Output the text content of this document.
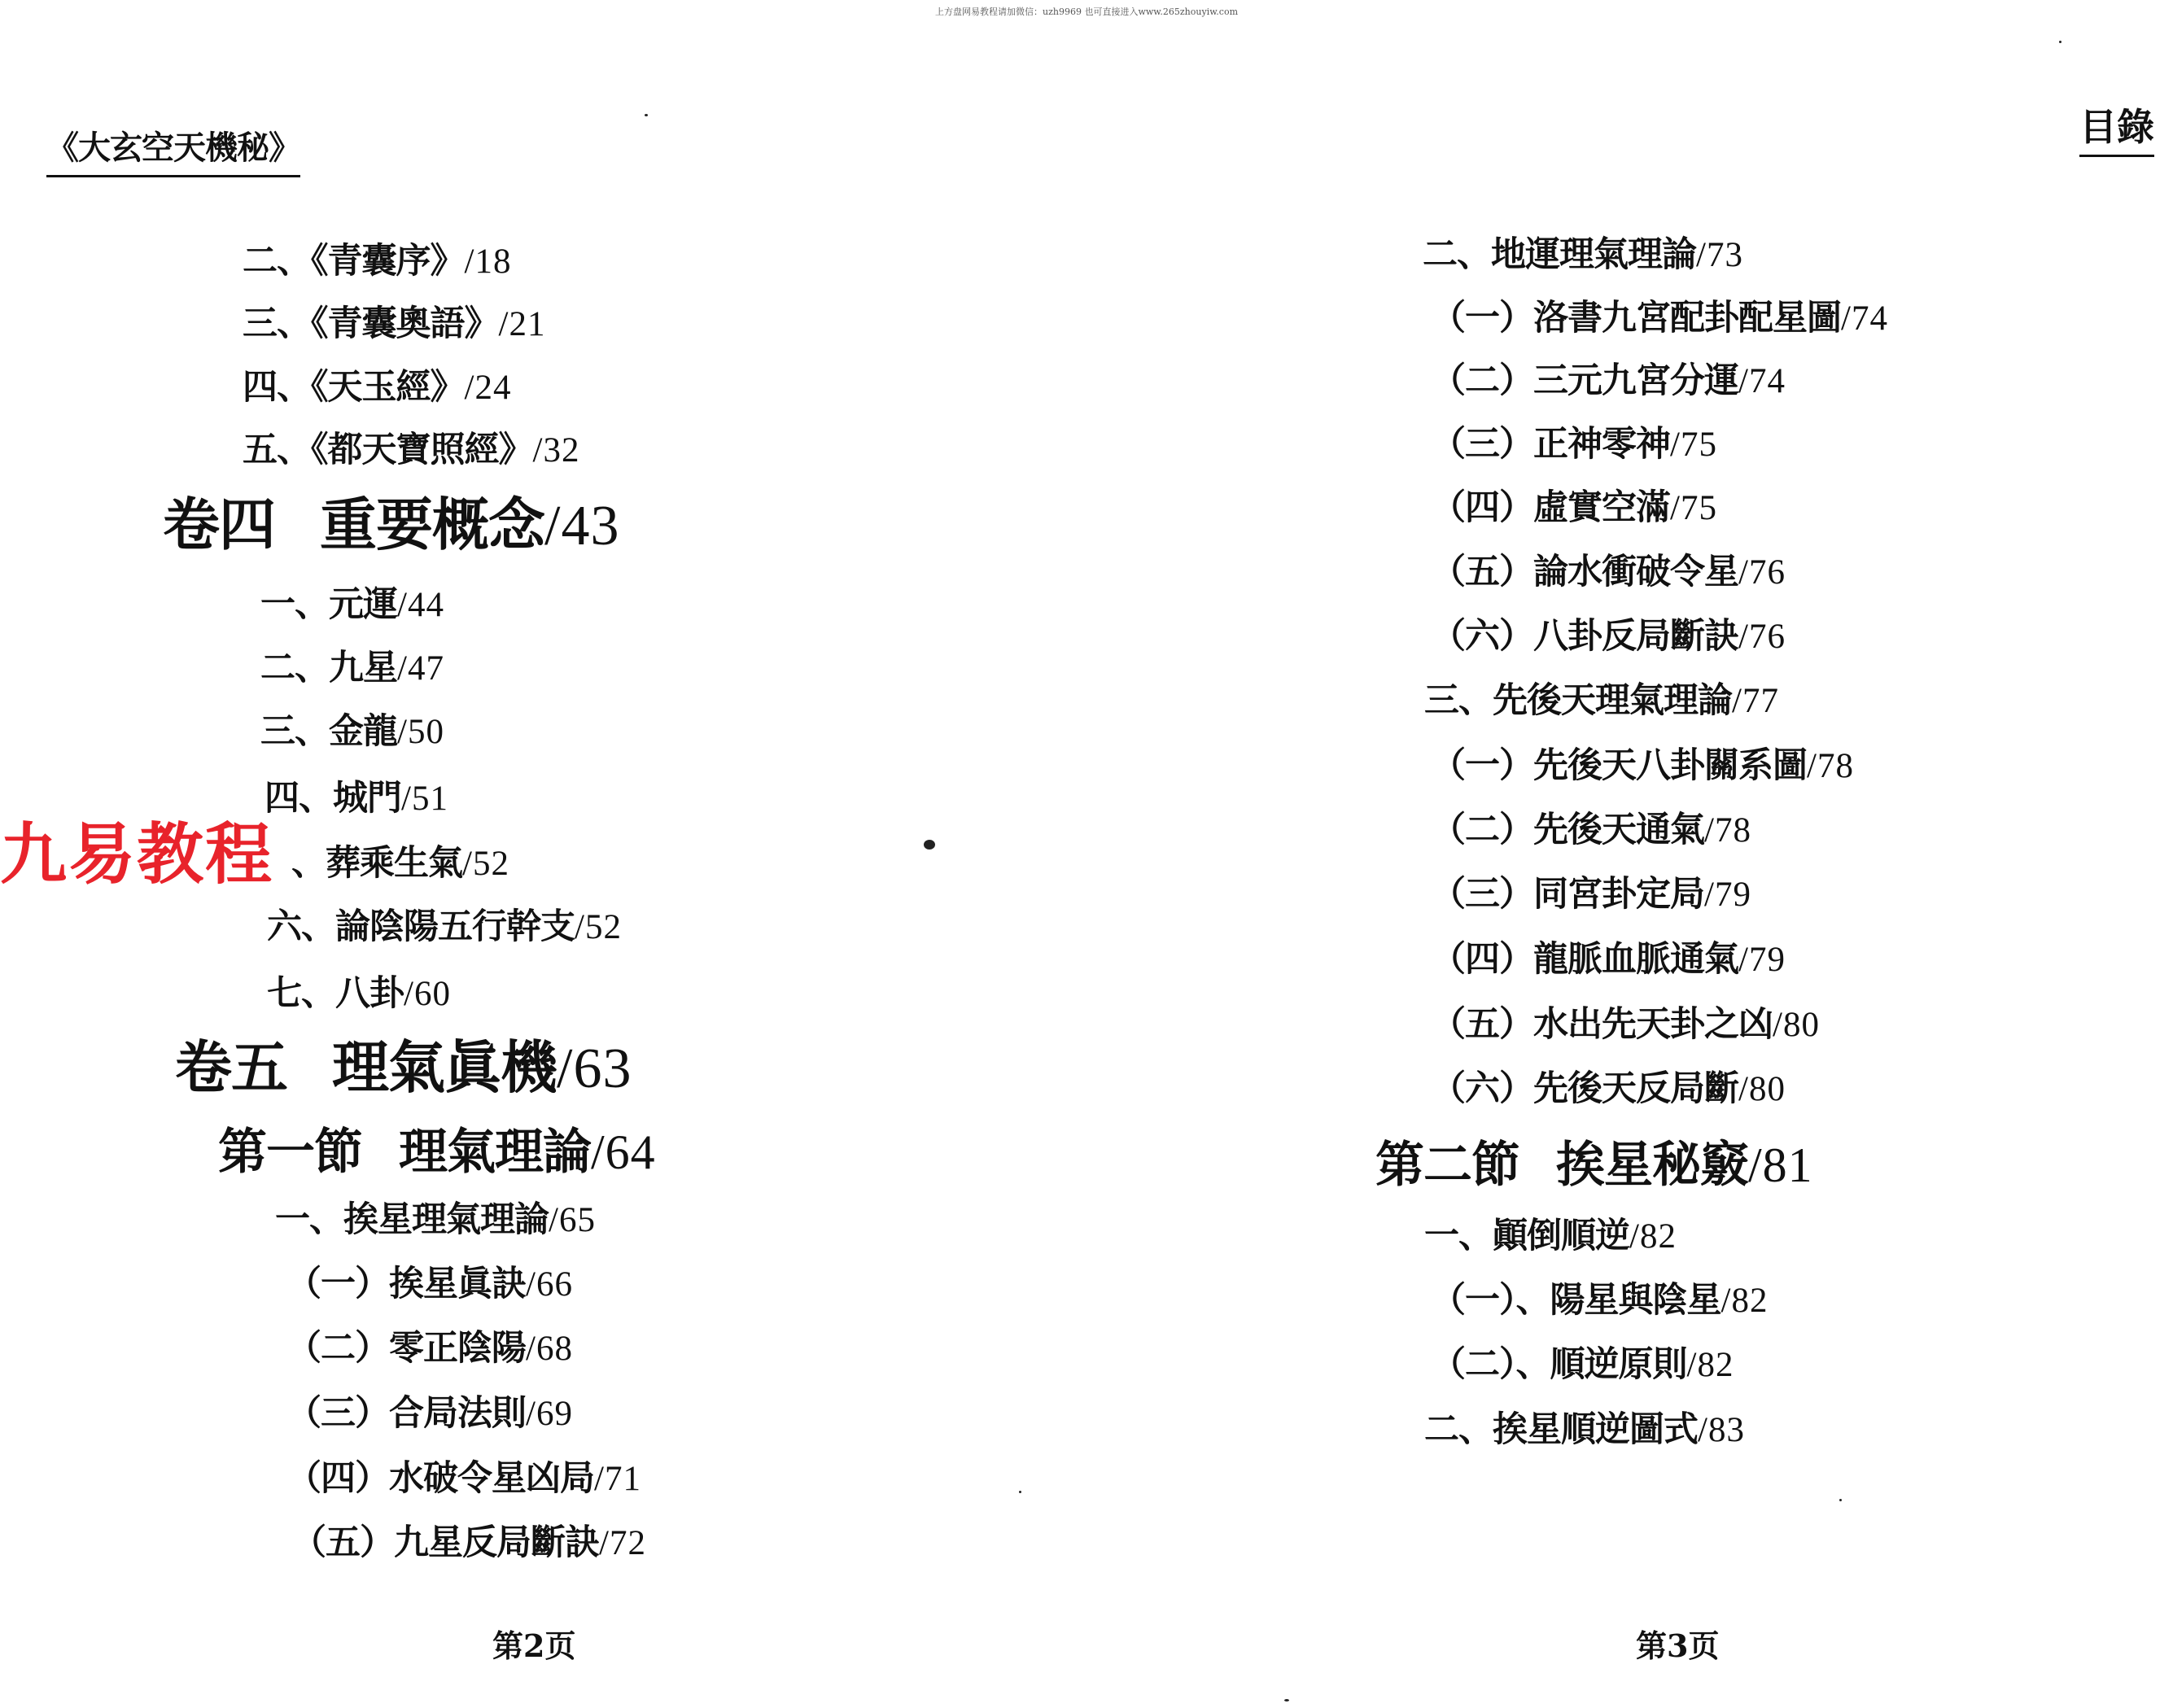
上方盘网易教程请加微信：uzh9969 也可直接进入www.265zhouyiw.com
《大玄空天機秘》	目錄
二、《青囊序》/18
三、《青囊奧語》/21
四、《天玉經》/24
五、《都天寶照經》/32
卷四 重要概念/43
一、元運/44
二、九星/47
三、金龍/50
四、城門/51
、葬乘生氣/52
六、論陰陽五行幹支/52
七、八卦/60
卷五 理氣眞機/63
第一節 理氣理論/64
一、挨星理氣理論/65
（一）挨星眞訣/66
（二）零正陰陽/68
（三）合局法則/69
（四）水破令星凶局/71
（五）九星反局斷訣/72
九易教程
第2页
二、地運理氣理論/73
（一）洛書九宮配卦配星圖/74
（二）三元九宮分運/74
（三）正神零神/75
（四）虛實空滿/75
（五）論水衝破令星/76
（六）八卦反局斷訣/76
三、先後天理氣理論/77
（一）先後天八卦關系圖/78
（二）先後天通氣/78
（三）同宮卦定局/79
（四）龍脈血脈通氣/79
（五）水出先天卦之凶/80
（六）先後天反局斷/80
第二節 挨星秘竅/81
一、顚倒順逆/82
（一）、陽星與陰星/82
（二）、順逆原則/82
二、挨星順逆圖式/83
第3页
